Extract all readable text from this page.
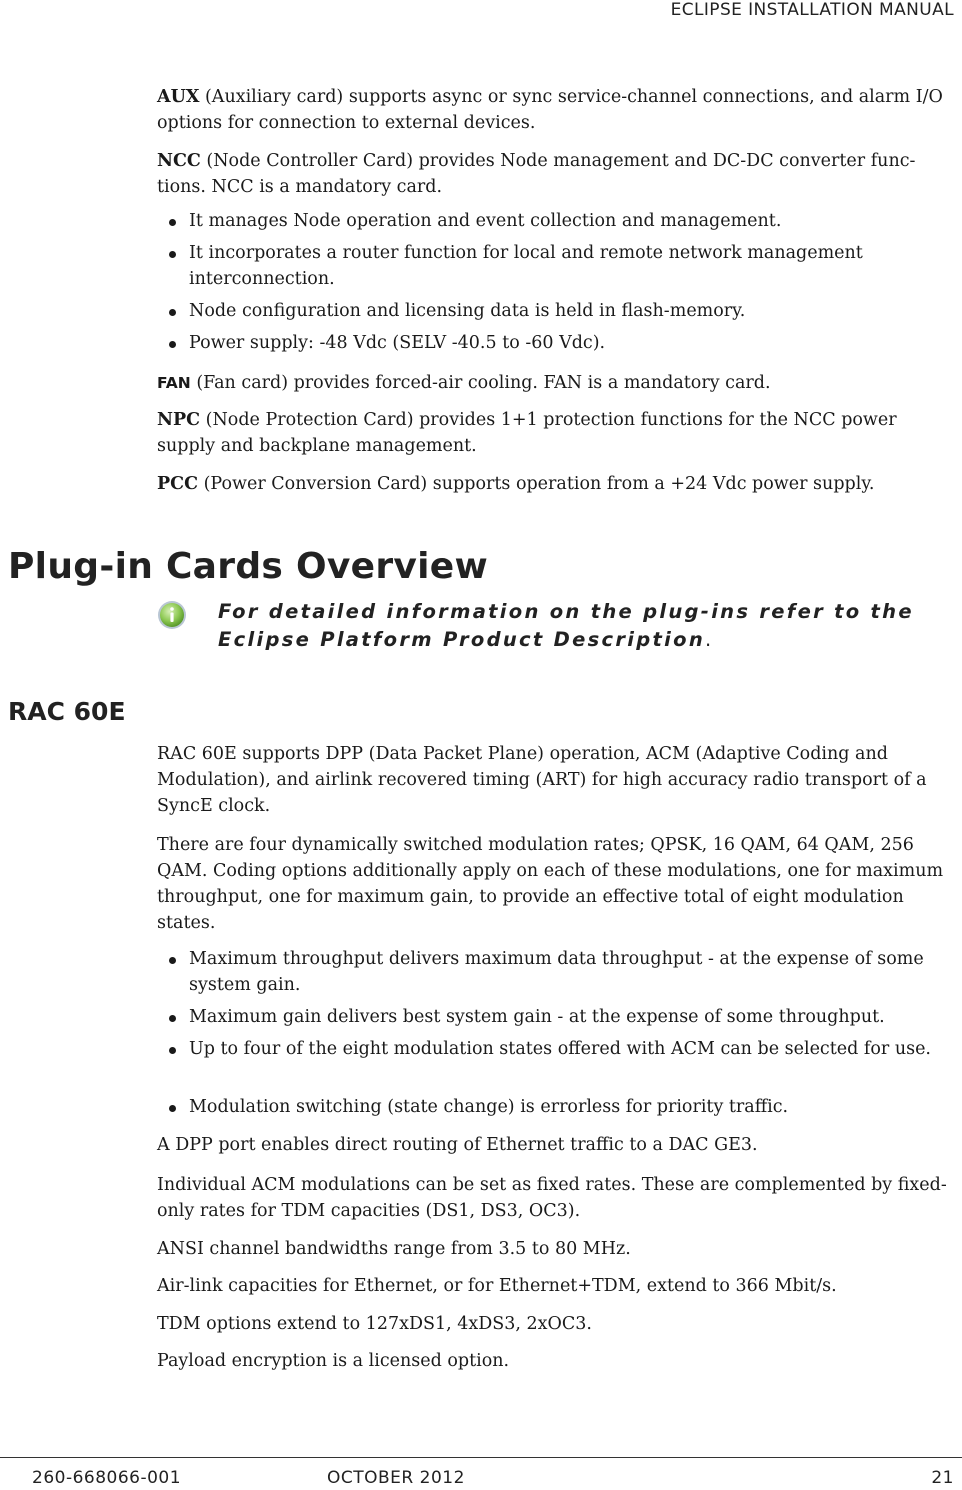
ECLIPSE INSTALLATION MANUAL

AUX (Auxiliary card) supports async or sync service-channel connections, and alarm I/O options for connection to external devices.

NCC (Node Controller Card) provides Node management and DC-DC converter func- tions. NCC is a mandatory card.

It manages Node operation and event collection and management.
It incorporates a router function for local and remote network management interconnection.
Node configuration and licensing data is held in flash-memory.
Power supply: -48 Vdc (SELV -40.5 to -60 Vdc).

FAN (Fan card) provides forced-air cooling. FAN is a mandatory card.

NPC (Node Protection Card) provides 1+1 protection functions for the NCC power supply and backplane management.

PCC (Power Conversion Card) supports operation from a +24 Vdc power supply.

Plug-in Cards Overview
For detailed information on the plug-ins refer to the Eclipse Platform Product Description.
RAC 60E

RAC 60E supports DPP (Data Packet Plane) operation, ACM (Adaptive Coding and Modulation), and airlink recovered timing (ART) for high accuracy radio transport of a SyncE clock.

There are four dynamically switched modulation rates; QPSK, 16 QAM, 64 QAM, 256 QAM. Coding options additionally apply on each of these modulations, one for maximum throughput, one for maximum gain, to provide an effective total of eight modulation states.

Maximum throughput delivers maximum data throughput - at the expense of some system gain.
Maximum gain delivers best system gain - at the expense of some throughput.
Up to four of the eight modulation states offered with ACM can be selected for use.
Modulation switching (state change) is errorless for priority traffic.

A DPP port enables direct routing of Ethernet traffic to a DAC GE3.

Individual ACM modulations can be set as fixed rates. These are complemented by fixed-only rates for TDM capacities (DS1, DS3, OC3).

ANSI channel bandwidths range from 3.5 to 80 MHz.

Air-link capacities for Ethernet, or for Ethernet+TDM, extend to 366 Mbit/s.

TDM options extend to 127xDS1, 4xDS3, 2xOC3.

Payload encryption is a licensed option.

260-668066-001	OCTOBER 2012	21
